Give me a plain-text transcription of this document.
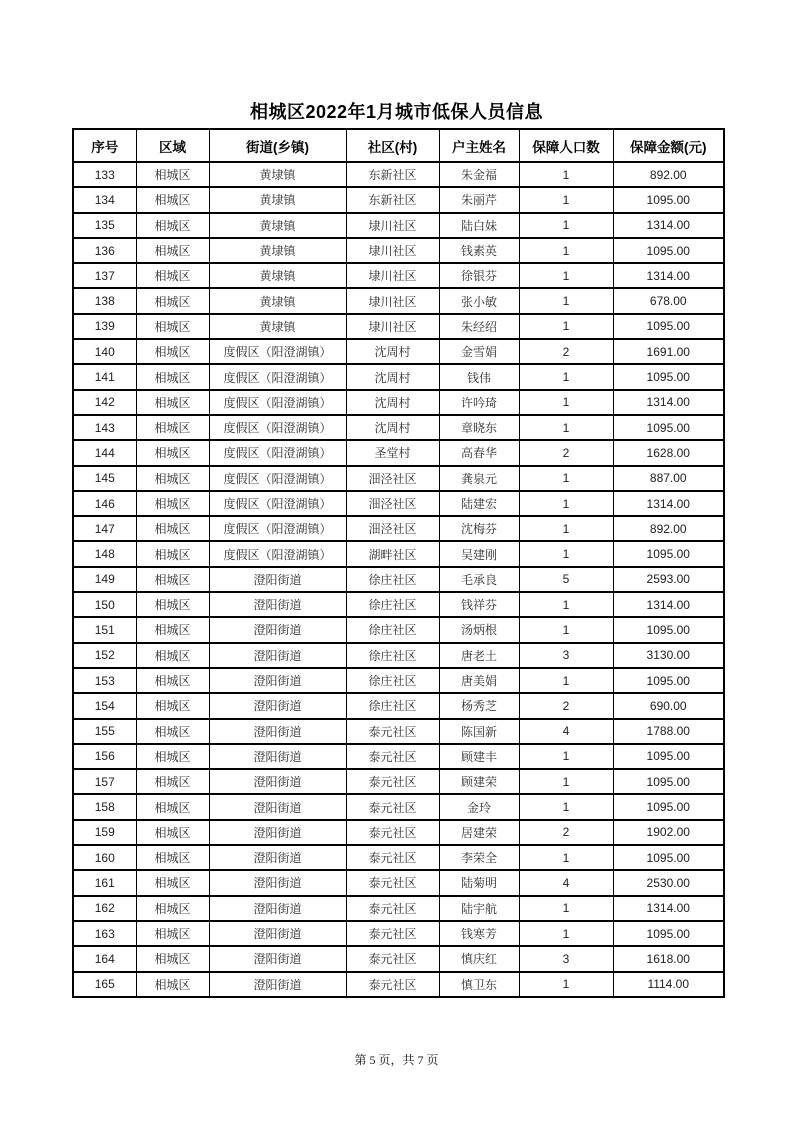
相城区2022年1月城市低保人员信息
序号	区域	街道(乡镇)	社区(村)	户主姓名	保障人口数	保障金额(元)
133	相城区	黄埭镇	东新社区	朱金福	1	892.00
134	相城区	黄埭镇	东新社区	朱丽芹	1	1095.00
135	相城区	黄埭镇	埭川社区	陆白妹	1	1314.00
136	相城区	黄埭镇	埭川社区	钱素英	1	1095.00
137	相城区	黄埭镇	埭川社区	徐银芬	1	1314.00
138	相城区	黄埭镇	埭川社区	张小敏	1	678.00
139	相城区	黄埭镇	埭川社区	朱经绍	1	1095.00
140	相城区	度假区（阳澄湖镇）	沈周村	金雪娟	2	1691.00
141	相城区	度假区（阳澄湖镇）	沈周村	钱伟	1	1095.00
142	相城区	度假区（阳澄湖镇）	沈周村	许吟琦	1	1314.00
143	相城区	度假区（阳澄湖镇）	沈周村	章晓东	1	1095.00
144	相城区	度假区（阳澄湖镇）	圣堂村	高春华	2	1628.00
145	相城区	度假区（阳澄湖镇）	沺泾社区	龚泉元	1	887.00
146	相城区	度假区（阳澄湖镇）	沺泾社区	陆建宏	1	1314.00
147	相城区	度假区（阳澄湖镇）	沺泾社区	沈梅芬	1	892.00
148	相城区	度假区（阳澄湖镇）	湖畔社区	吴建刚	1	1095.00
149	相城区	澄阳街道	徐庄社区	毛承良	5	2593.00
150	相城区	澄阳街道	徐庄社区	钱祥芬	1	1314.00
151	相城区	澄阳街道	徐庄社区	汤炳根	1	1095.00
152	相城区	澄阳街道	徐庄社区	唐老土	3	3130.00
153	相城区	澄阳街道	徐庄社区	唐美娟	1	1095.00
154	相城区	澄阳街道	徐庄社区	杨秀芝	2	690.00
155	相城区	澄阳街道	泰元社区	陈国新	4	1788.00
156	相城区	澄阳街道	泰元社区	顾建丰	1	1095.00
157	相城区	澄阳街道	泰元社区	顾建荣	1	1095.00
158	相城区	澄阳街道	泰元社区	金玲	1	1095.00
159	相城区	澄阳街道	泰元社区	居建荣	2	1902.00
160	相城区	澄阳街道	泰元社区	李荣全	1	1095.00
161	相城区	澄阳街道	泰元社区	陆菊明	4	2530.00
162	相城区	澄阳街道	泰元社区	陆宇航	1	1314.00
163	相城区	澄阳街道	泰元社区	钱寒芳	1	1095.00
164	相城区	澄阳街道	泰元社区	慎庆红	3	1618.00
165	相城区	澄阳街道	泰元社区	慎卫东	1	1114.00
第 5 页，共 7 页
